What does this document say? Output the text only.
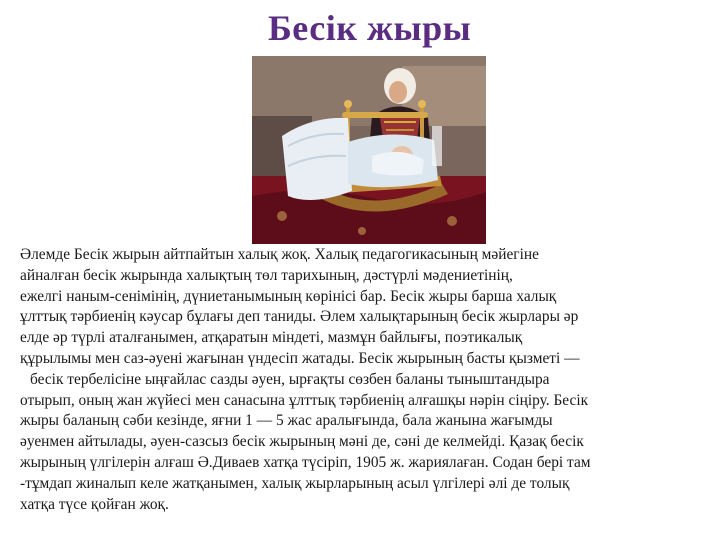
Бесік жыры
Әлемде Бесік жырын айтпайтын халық жоқ. Халық педагогикасының мәйегіне
айналған бесік жырында халықтың төл тарихының, дәстүрлі мәдениетінің,
ежелгі наным-сенімінің, дүниетанымының көрінісі бар. Бесік жыры барша халық
ұлттық тәрбиенің кәусар бұлағы деп таниды. Әлем халықтарының бесік жырлары әр
елде әр түрлі аталғанымен, атқаратын міндеті, мазмұн байлығы, поэтикалық
құрылымы мен саз-әуені жағынан үндесіп жатады. Бесік жырының басты қызметі —
бесік тербелісіне ыңғайлас сазды әуен, ырғақты сөзбен баланы тыныштандыра
отырып, оның жан жүйесі мен санасына ұлттық тәрбиенің алғашқы нәрін сіңіру. Бесік
жыры баланың сәби кезінде, яғни 1 — 5 жас аралығында, бала жанына жағымды
әуенмен айтылады, әуен-сазсыз бесік жырының мәні де, сәні де келмейді. Қазақ бесік
жырының үлгілерін алғаш Ә.Диваев хатқа түсіріп, 1905 ж. жариялаған. Содан бері там
-тұмдап жиналып келе жатқанымен, халық жырларының асыл үлгілері әлі де толық
хатқа түсе қойған жоқ.
